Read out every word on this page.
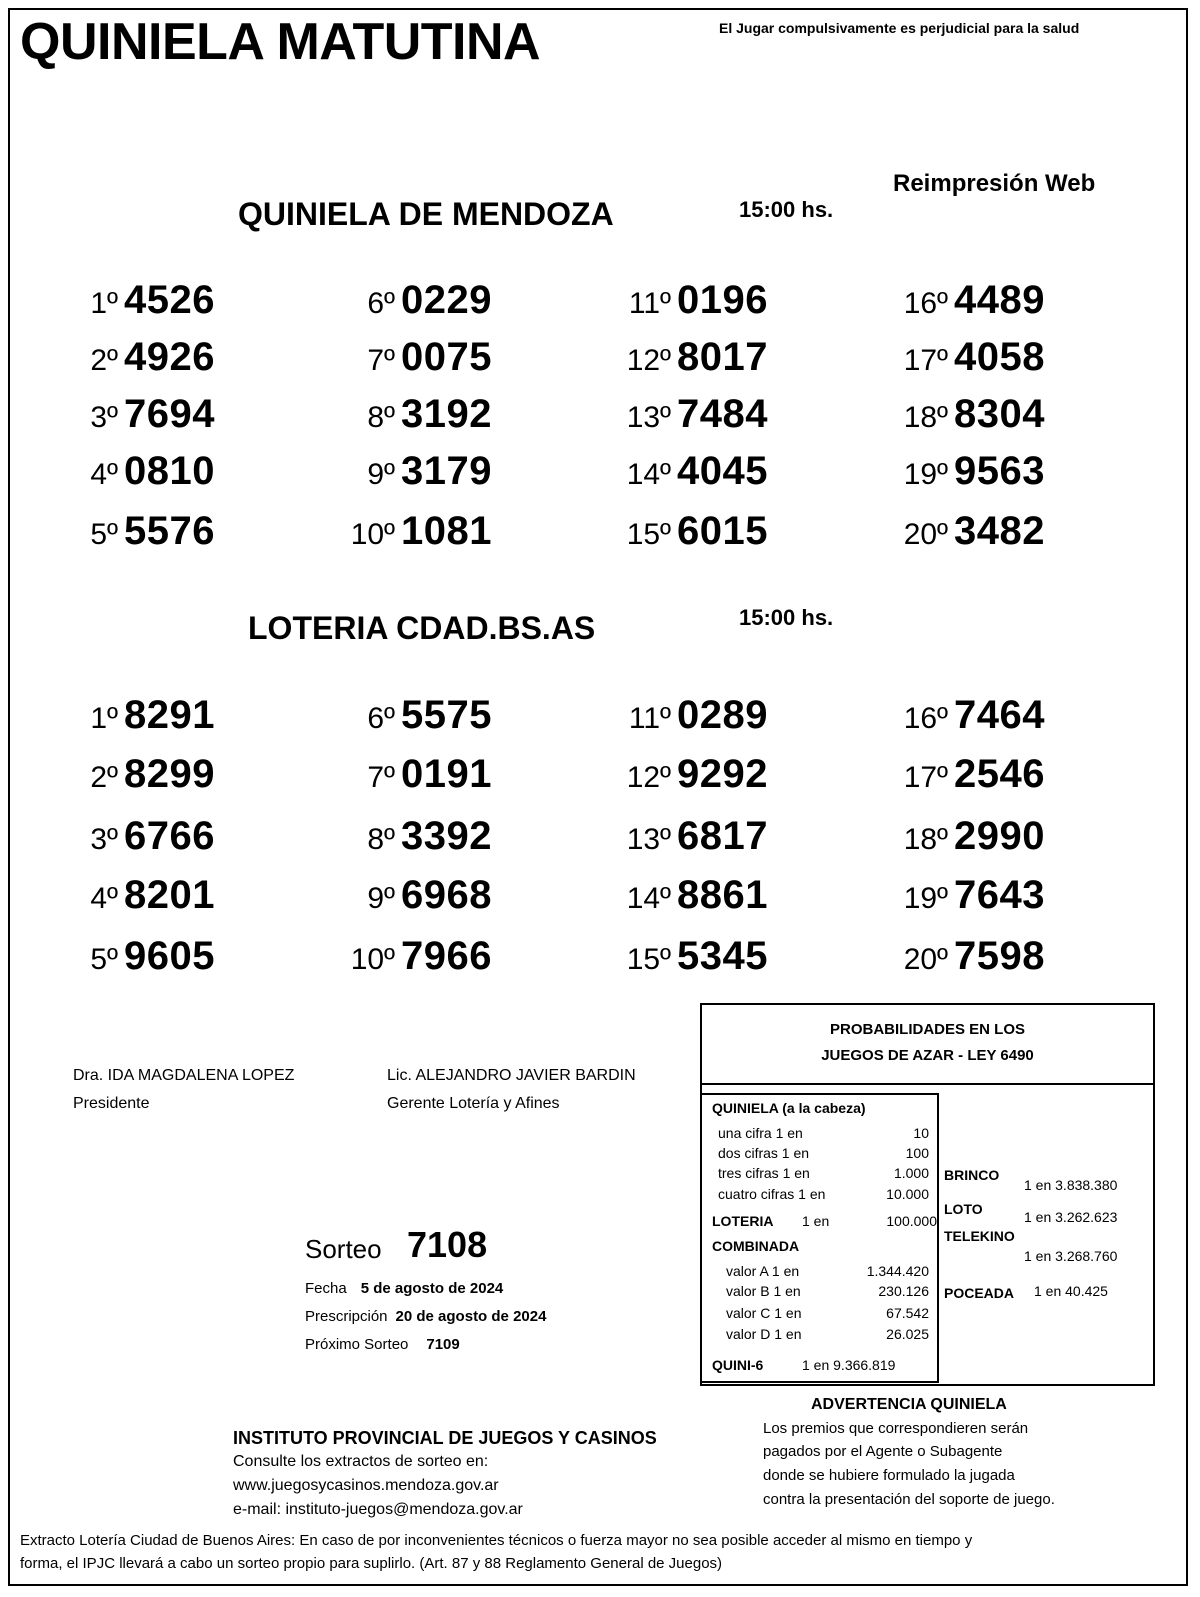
QUINIELA MATUTINA	El Jugar compulsivamente es perjudicial para la salud
Reimpresión Web
QUINIELA DE MENDOZA	15:00 hs.
1º 4526
2º 4926
3º 7694
4º 0810
5º 5576
6º 0229
7º 0075
8º 3192
9º 3179
10º 1081
11º 0196
12º 8017
13º 7484
14º 4045
15º 6015
16º 4489
17º 4058
18º 8304
19º 9563
20º 3482
LOTERIA CDAD.BS.AS	15:00 hs.
1º 8291
2º 8299
3º 6766
4º 8201
5º 9605
6º 5575
7º 0191
8º 3392
9º 6968
10º 7966
11º 0289
12º 9292
13º 6817
14º 8861
15º 5345
16º 7464
17º 2546
18º 2990
19º 7643
20º 7598
Dra. IDA MAGDALENA LOPEZ
Presidente
Lic. ALEJANDRO JAVIER BARDIN
Gerente Lotería y Afines
Sorteo 7108
Fecha 5 de agosto de 2024
Prescripción 20 de agosto de 2024
Próximo Sorteo 7109
INSTITUTO PROVINCIAL DE JUEGOS Y CASINOS
Consulte los extractos de sorteo en:
www.juegosycasinos.mendoza.gov.ar
e-mail: instituto-juegos@mendoza.gov.ar
PROBABILIDADES EN LOS
JUEGOS DE AZAR - LEY 6490
QUINIELA (a la cabeza)
una cifra 1 en	10
dos cifras 1 en	100
tres cifras 1 en	1.000
cuatro cifras 1 en	10.000
LOTERIA 1 en	100.000
COMBINADA
valor A 1 en	1.344.420
valor B 1 en	230.126
valor C 1 en	67.542
valor D 1 en	26.025
QUINI-6	1 en 9.366.819
BRINCO
1 en 3.838.380
LOTO	1 en 3.262.623
TELEKINO
1 en 3.268.760
POCEADA 1 en 40.425
ADVERTENCIA QUINIELA
Los premios que correspondieren serán
pagados por el Agente o Subagente
donde se hubiere formulado la jugada
contra la presentación del soporte de juego.
Extracto Lotería Ciudad de Buenos Aires: En caso de por inconvenientes técnicos o fuerza mayor no sea posible acceder al mismo en tiempo y
forma, el IPJC llevará a cabo un sorteo propio para suplirlo. (Art. 87 y 88 Reglamento General de Juegos)
